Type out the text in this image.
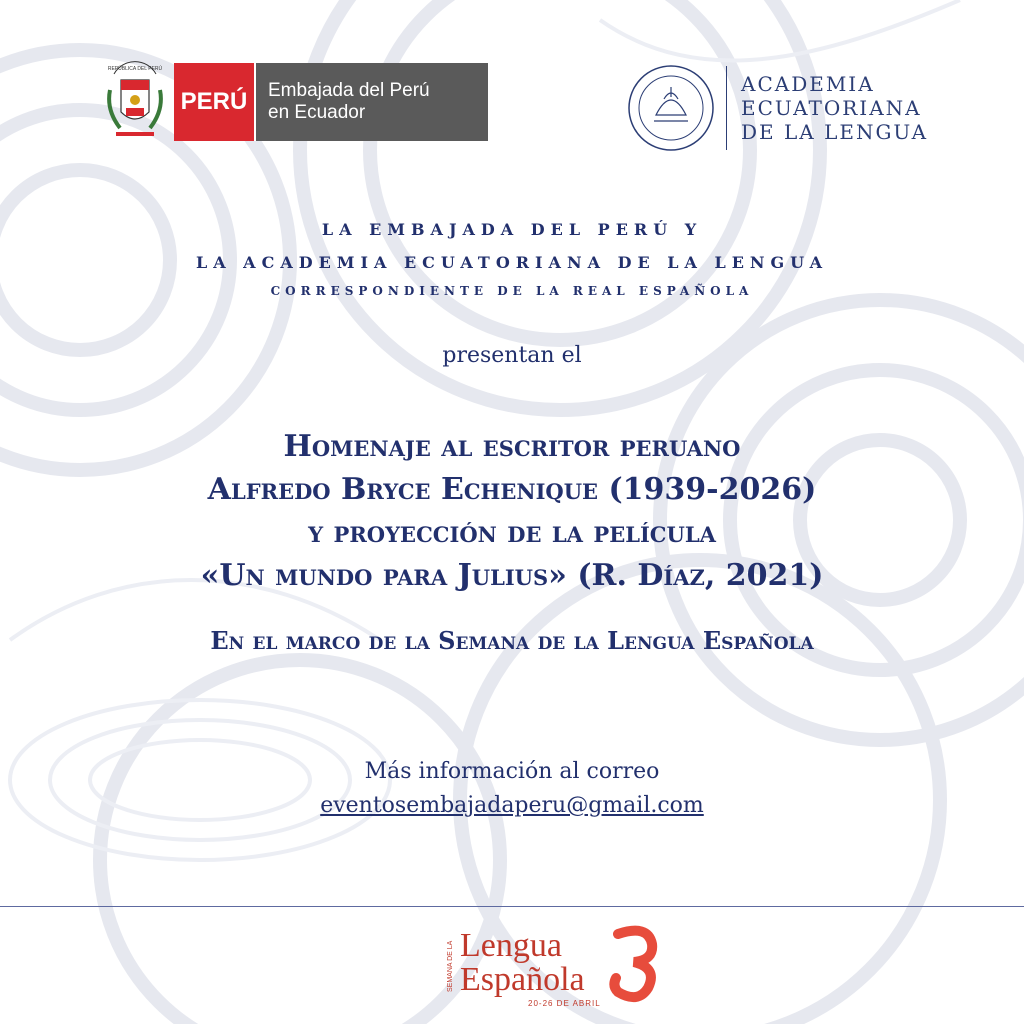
REPÚBLICA DEL PERÚ
PERÚ	Embajada del Perú
en Ecuador
ACADEMIA
ECUATORIANA
DE LA LENGUA
LA EMBAJADA DEL PERÚ Y
LA ACADEMIA ECUATORIANA DE LA LENGUA
CORRESPONDIENTE DE LA REAL ESPAÑOLA
presentan el
Homenaje al escritor peruano
Alfredo Bryce Echenique (1939-2026)
y proyección de la película
«Un mundo para Julius» (R. Díaz, 2021)
En el marco de la Semana de la Lengua Española
Más información al correo
eventosembajadaperu@gmail.com
SEMANA DE LA Lengua
Española
20-26 DE ABRIL
